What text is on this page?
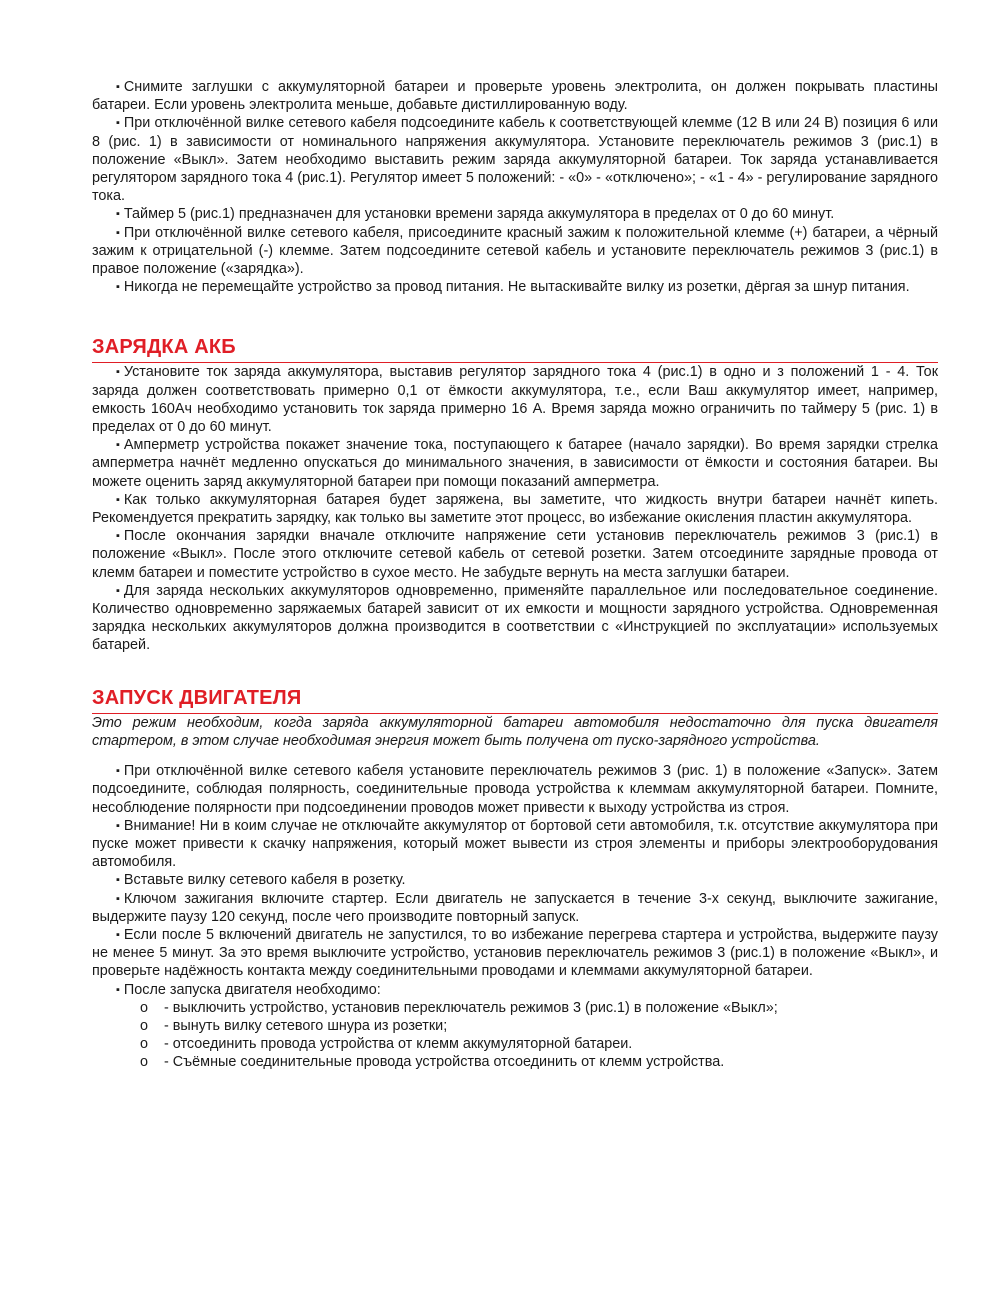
▪ Снимите заглушки с аккумуляторной батареи и проверьте уровень электролита, он должен покрывать пластины батареи. Если уровень электролита меньше, добавьте дистиллированную воду.

▪ При отключённой вилке сетевого кабеля подсоедините кабель к соответствующей клемме (12 В или 24 В) позиция 6 или 8 (рис. 1) в зависимости от номинального напряжения аккумулятора. Установите переключатель режимов 3 (рис.1) в положение «Выкл». Затем необходимо выставить режим заряда аккумуляторной батареи. Ток заряда устанавливается регулятором зарядного тока 4 (рис.1). Регулятор имеет 5 положений: - «0» - «отключено»; - «1 - 4» - регулирование зарядного тока.

▪ Таймер 5 (рис.1) предназначен для установки времени заряда аккумулятора в пределах от 0 до 60 минут.

▪ При отключённой вилке сетевого кабеля, присоедините красный зажим к положительной клемме (+) батареи, а чёрный зажим к отрицательной (-) клемме. Затем подсоедините сетевой кабель и установите переключатель режимов 3 (рис.1) в правое положение («зарядка»).

▪ Никогда не перемещайте устройство за провод питания. Не вытаскивайте вилку из розетки, дёргая за шнур питания.

ЗАРЯДКА АКБ

▪ Установите ток заряда аккумулятора, выставив регулятор зарядного тока 4 (рис.1) в одно и з положений 1 - 4. Ток заряда должен соответствовать примерно 0,1 от ёмкости аккумулятора, т.е., если Ваш аккумулятор имеет, например, емкость 160Ач необходимо установить ток заряда примерно 16 А. Время заряда можно ограничить по таймеру 5 (рис. 1) в пределах от 0 до 60 минут.

▪ Амперметр устройства покажет значение тока, поступающего к батарее (начало зарядки). Во время зарядки стрелка амперметра начнёт медленно опускаться до минимального значения, в зависимости от ёмкости и состояния батареи. Вы можете оценить заряд аккумуляторной батареи при помощи показаний амперметра.

▪ Как только аккумуляторная батарея будет заряжена, вы заметите, что жидкость внутри батареи начнёт кипеть. Рекомендуется прекратить зарядку, как только вы заметите этот процесс, во избежание окисления пластин аккумулятора.

▪ После окончания зарядки вначале отключите напряжение сети установив переключатель режимов 3 (рис.1) в положение «Выкл». После этого отключите сетевой кабель от сетевой розетки. Затем отсоедините зарядные провода от клемм батареи и поместите устройство в сухое место. Не забудьте вернуть на места заглушки батареи.

▪ Для заряда нескольких аккумуляторов одновременно, применяйте параллельное или последовательное соединение. Количество одновременно заряжаемых батарей зависит от их емкости и мощности зарядного устройства. Одновременная зарядка нескольких аккумуляторов должна производится в соответствии с «Инструкцией по эксплуатации» используемых батарей.

ЗАПУСК ДВИГАТЕЛЯ

Это режим необходим, когда заряда аккумуляторной батареи автомобиля недостаточно для пуска двигателя стартером, в этом случае необходимая энергия может быть получена от пуско-зарядного устройства.

▪ При отключённой вилке сетевого кабеля установите переключатель режимов 3 (рис. 1) в положение «Запуск». Затем подсоедините, соблюдая полярность, соединительные провода устройства к клеммам аккумуляторной батареи. Помните, несоблюдение полярности при подсоединении проводов может привести к выходу устройства из строя.

▪ Внимание! Ни в коим случае не отключайте аккумулятор от бортовой сети автомобиля, т.к. отсутствие аккумулятора при пуске может привести к скачку напряжения, который может вывести из строя элементы и приборы электрооборудования автомобиля.

▪ Вставьте вилку сетевого кабеля в розетку.

▪ Ключом зажигания включите стартер. Если двигатель не запускается в течение 3-х секунд, выключите зажигание, выдержите паузу 120 секунд, после чего производите повторный запуск.

▪ Если после 5 включений двигатель не запустился, то во избежание перегрева стартера и устройства, выдержите паузу не менее 5 минут. За это время выключите устройство, установив переключатель режимов 3 (рис.1) в положение «Выкл», и проверьте надёжность контакта между соединительными проводами и клеммами аккумуляторной батареи.

▪ После запуска двигателя необходимо:

o - выключить устройство, установив переключатель режимов 3 (рис.1) в положение «Выкл»;
o - вынуть вилку сетевого шнура из розетки;
o - отсоединить провода устройства от клемм аккумуляторной батареи.
o - Съёмные соединительные провода устройства отсоединить от клемм устройства.
